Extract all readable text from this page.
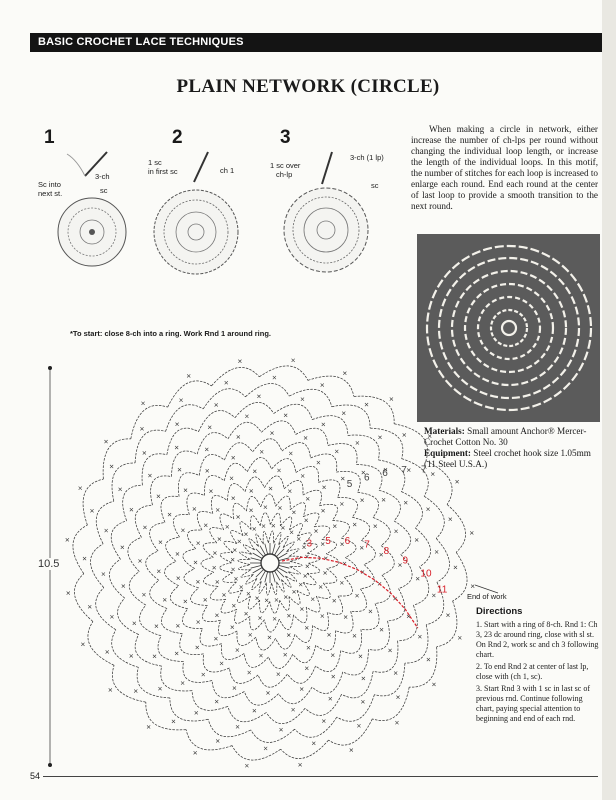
BASIC CROCHET LACE TECHNIQUES
PLAIN NETWORK (CIRCLE)
1	2	3
Sc into
next st.
3-ch
sc
1 sc
in first sc	ch 1
1 sc over
ch-lp
3-ch (1 lp)
sc
*To start: close 8-ch into a ring. Work Rnd 1 around ring.
When making a circle in network, either increase the number of ch-lps per round without changing the individual loop length, or increase the length of the individual loops. In this motif, the number of stitches for each loop is increased to enlarge each round. End each round at the center of last loop to provide a smooth transition to the next round.
Materials: Small amount Anchor® Mercer-Crochet Cotton No. 30
Equipment: Steel crochet hook size 1.05mm (11 Steel U.S.A.)
3 5 6 7
8
9
10
11
5
6 6 7 7
10.5
End of work
Directions
1. Start with a ring of 8-ch. Rnd 1: Ch 3, 23 dc around ring, close with sl st. On Rnd 2, work sc and ch 3 following chart.
2. To end Rnd 2 at center of last lp, close with (ch 1, sc).
3. Start Rnd 3 with 1 sc in last sc of previous rnd. Continue following chart, paying special attention to beginning and end of each rnd.
54
